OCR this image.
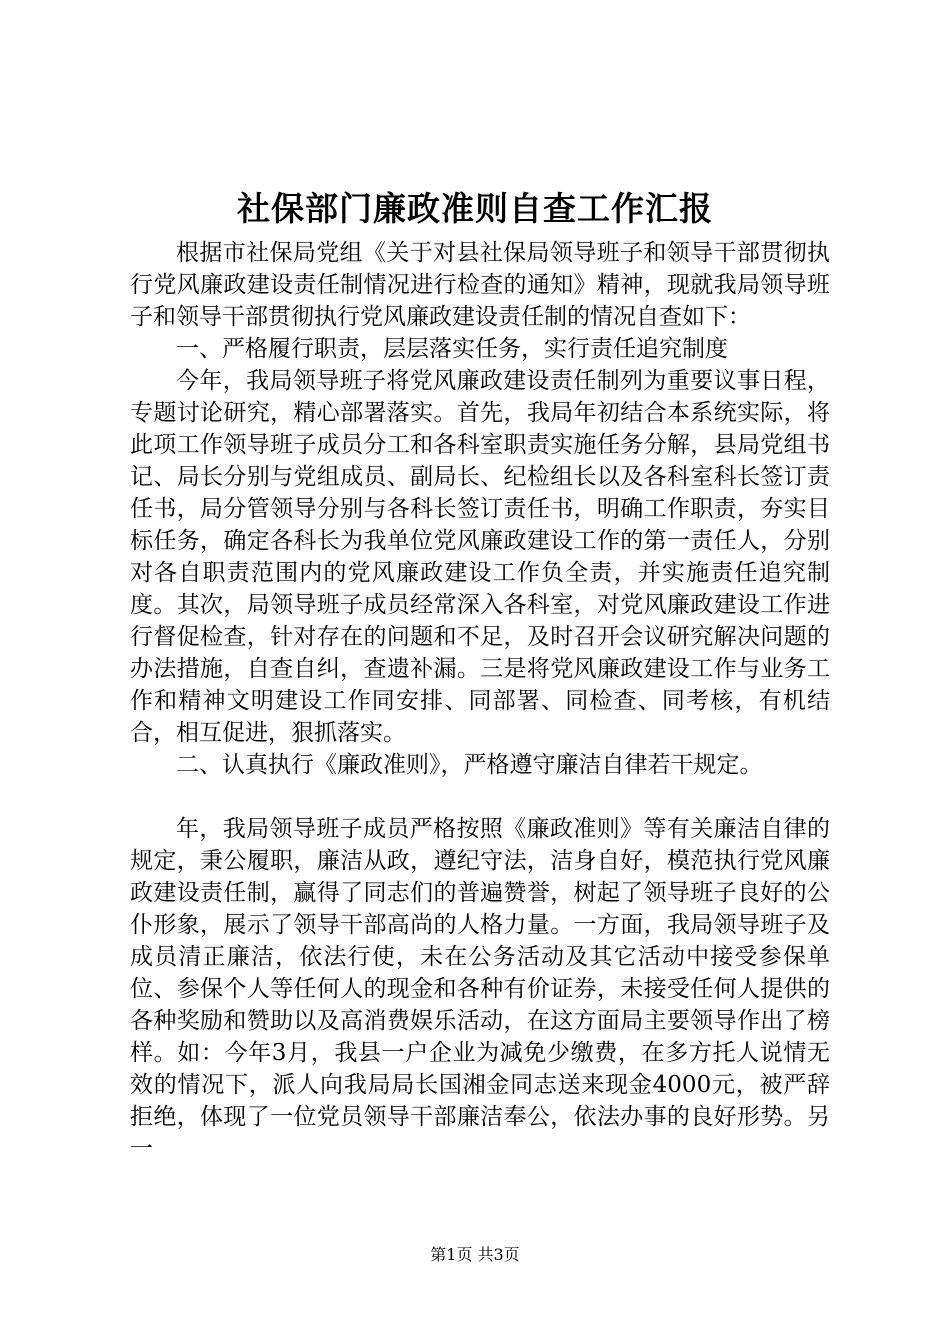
社保部门廉政准则自查工作汇报

根据市社保局党组《关于对县社保局领导班子和领导干部贯彻执行党风廉政建设责任制情况进行检查的通知》精神，现就我局领导班子和领导干部贯彻执行党风廉政建设责任制的情况自查如下：

一、严格履行职责，层层落实任务，实行责任追究制度

今年，我局领导班子将党风廉政建设责任制列为重要议事日程，专题讨论研究，精心部署落实。首先，我局年初结合本系统实际，将此项工作领导班子成员分工和各科室职责实施任务分解，县局党组书记、局长分别与党组成员、副局长、纪检组长以及各科室科长签订责任书，局分管领导分别与各科长签订责任书，明确工作职责，夯实目标任务，确定各科长为我单位党风廉政建设工作的第一责任人，分别对各自职责范围内的党风廉政建设工作负全责，并实施责任追究制度。其次，局领导班子成员经常深入各科室，对党风廉政建设工作进行督促检查，针对存在的问题和不足，及时召开会议研究解决问题的办法措施，自查自纠，查遗补漏。三是将党风廉政建设工作与业务工作和精神文明建设工作同安排、同部署、同检查、同考核，有机结合，相互促进，狠抓落实。

二、认真执行《廉政准则》，严格遵守廉洁自律若干规定。

年，我局领导班子成员严格按照《廉政准则》等有关廉洁自律的规定，秉公履职，廉洁从政，遵纪守法，洁身自好，模范执行党风廉政建设责任制，赢得了同志们的普遍赞誉，树起了领导班子良好的公仆形象，展示了领导干部高尚的人格力量。一方面，我局领导班子及成员清正廉洁，依法行使，未在公务活动及其它活动中接受参保单位、参保个人等任何人的现金和各种有价证券，未接受任何人提供的各种奖励和赞助以及高消费娱乐活动，在这方面局主要领导作出了榜样。如：今年3月，我县一户企业为减免少缴费，在多方托人说情无效的情况下，派人向我局局长国湘金同志送来现金4000元，被严辞拒绝，体现了一位党员领导干部廉洁奉公，依法办事的良好形势。另一

第1页 共3页
